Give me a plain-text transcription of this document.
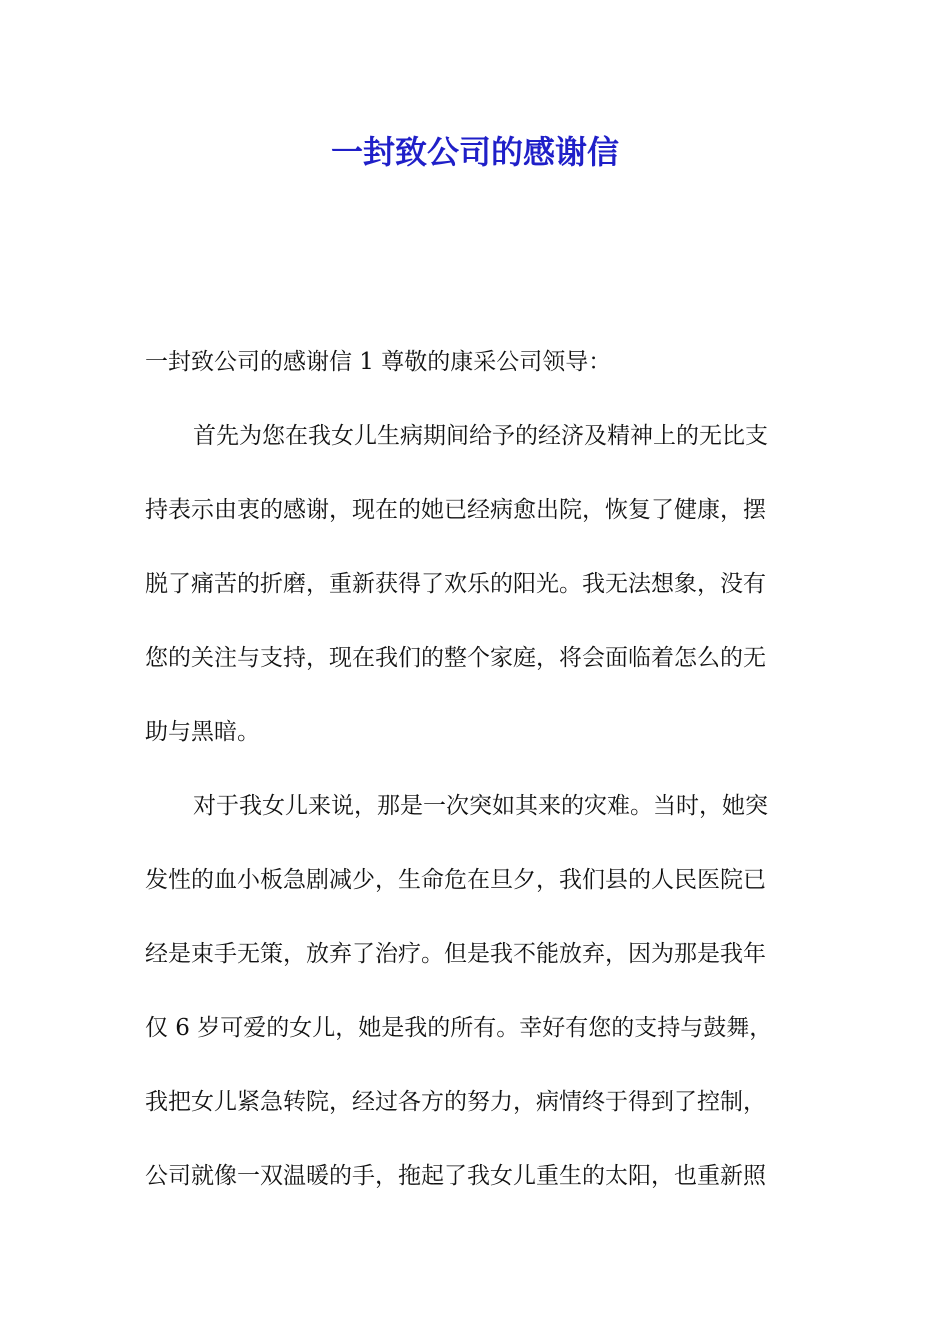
一封致公司的感谢信

一封致公司的感谢信 1 尊敬的康采公司领导：

首先为您在我女儿生病期间给予的经济及精神上的无比支

持表示由衷的感谢，现在的她已经病愈出院，恢复了健康，摆

脱了痛苦的折磨，重新获得了欢乐的阳光。我无法想象，没有

您的关注与支持，现在我们的整个家庭，将会面临着怎么的无

助与黑暗。

对于我女儿来说，那是一次突如其来的灾难。当时，她突

发性的血小板急剧减少，生命危在旦夕，我们县的人民医院已

经是束手无策，放弃了治疗。但是我不能放弃，因为那是我年

仅 6 岁可爱的女儿，她是我的所有。幸好有您的支持与鼓舞，

我把女儿紧急转院，经过各方的努力，病情终于得到了控制，

公司就像一双温暖的手，拖起了我女儿重生的太阳，也重新照
